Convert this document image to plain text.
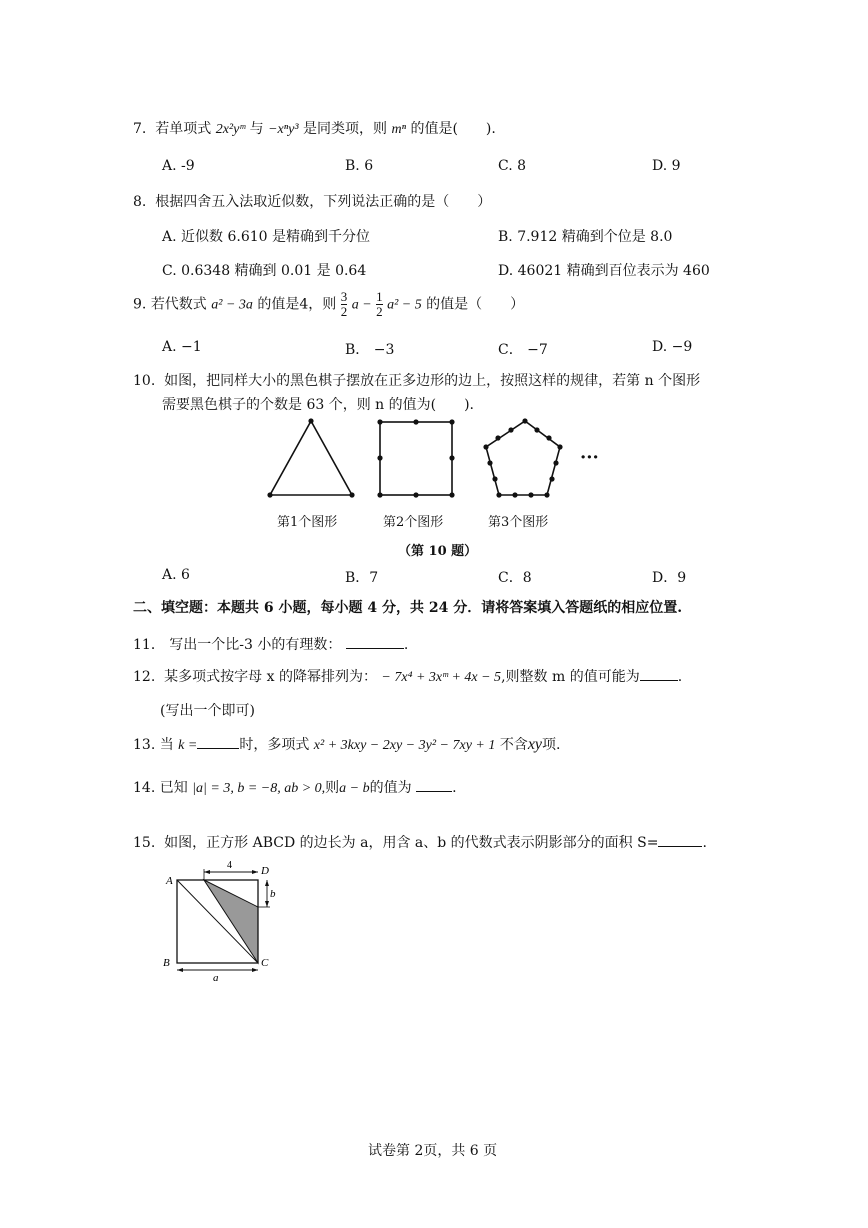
7. 若单项式 2x²yᵐ 与 −xⁿy³ 是同类项，则 mⁿ 的值是(　　).
A. -9	B. 6	C. 8	D. 9
8. 根据四舍五入法取近似数，下列说法正确的是（　　）
A. 近似数 6.610 是精确到千分位	B. 7.912 精确到个位是 8.0
C. 0.6348 精确到 0.01 是 0.64	D. 46021 精确到百位表示为 460
9. 若代数式 a² − 3a 的值是4，则 $\frac{3}{2}$ $a - \frac{1}{2} a^2 - 5$ 的值是（　　）
A. −1	B． −3	C． −7	D. −9
10. 如图，把同样大小的黑色棋子摆放在正多边形的边上，按照这样的规律，若第 n 个图形
需要黑色棋子的个数是 63 个，则 n 的值为(　　).
···
第1个图形	第2个图形	第3个图形
（第 10 题）
A. 6	B．7	C．8	D．9
二、填空题：本题共 6 小题，每小题 4 分，共 24 分．请将答案填入答题纸的相应位置.
11． 写出一个比-3 小的有理数：	.
12. 某多项式按字母 x 的降幂排列为： − 7x⁴ + 3xᵐ + 4x − 5,则整数 m 的值可能为	.
(写出一个即可)
13. 当 k =	时，多项式 x² + 3kxy − 2xy − 3y² − 7xy + 1 不含xy项.
14. 已知 |a| = 3, b = −8, ab > 0,则a − b的值为	.
15. 如图，正方形 ABCD 的边长为 a，用含 a、b 的代数式表示阴影部分的面积 S=	.
A
B	C
D
4
b
a
试卷第 2页，共 6 页
